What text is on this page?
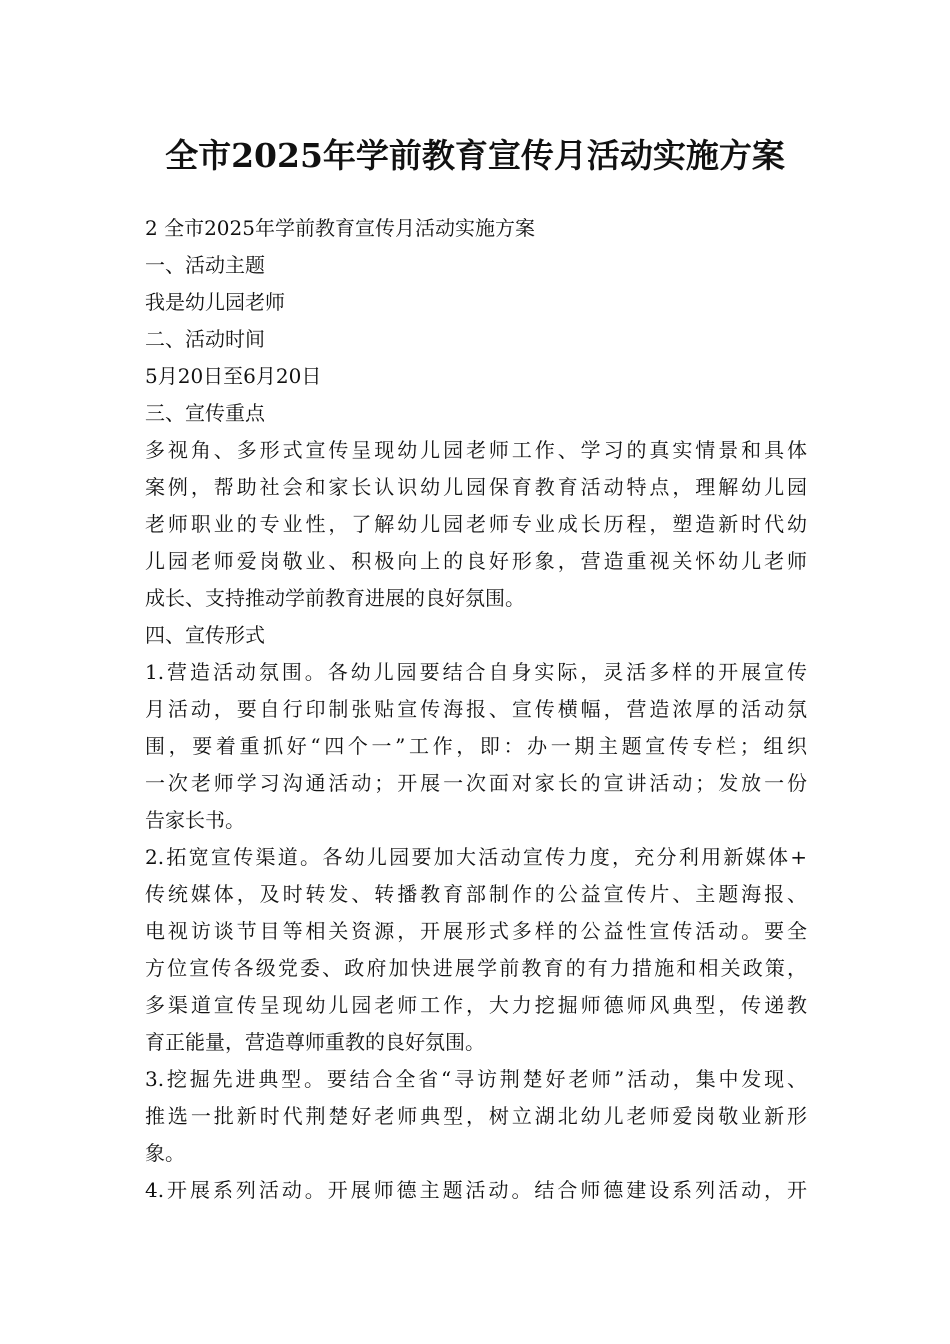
全市2025年学前教育宣传月活动实施方案
2 全市2025年学前教育宣传月活动实施方案
一、活动主题
我是幼儿园老师
二、活动时间
5月20日至6月20日
三、宣传重点
多视角、多形式宣传呈现幼儿园老师工作、学习的真实情景和具体
案例，帮助社会和家长认识幼儿园保育教育活动特点，理解幼儿园
老师职业的专业性，了解幼儿园老师专业成长历程，塑造新时代幼
儿园老师爱岗敬业、积极向上的良好形象，营造重视关怀幼儿老师
成长、支持推动学前教育进展的良好氛围。
四、宣传形式
1.营造活动氛围。各幼儿园要结合自身实际，灵活多样的开展宣传
月活动，要自行印制张贴宣传海报、宣传横幅，营造浓厚的活动氛
围，要着重抓好“四个一”工作，即：办一期主题宣传专栏；组织
一次老师学习沟通活动；开展一次面对家长的宣讲活动；发放一份
告家长书。
2.拓宽宣传渠道。各幼儿园要加大活动宣传力度，充分利用新媒体+
传统媒体，及时转发、转播教育部制作的公益宣传片、主题海报、
电视访谈节目等相关资源，开展形式多样的公益性宣传活动。要全
方位宣传各级党委、政府加快进展学前教育的有力措施和相关政策，
多渠道宣传呈现幼儿园老师工作，大力挖掘师德师风典型，传递教
育正能量，营造尊师重教的良好氛围。
3.挖掘先进典型。要结合全省“寻访荆楚好老师”活动，集中发现、
推选一批新时代荆楚好老师典型，树立湖北幼儿老师爱岗敬业新形
象。
4.开展系列活动。开展师德主题活动。结合师德建设系列活动，开
